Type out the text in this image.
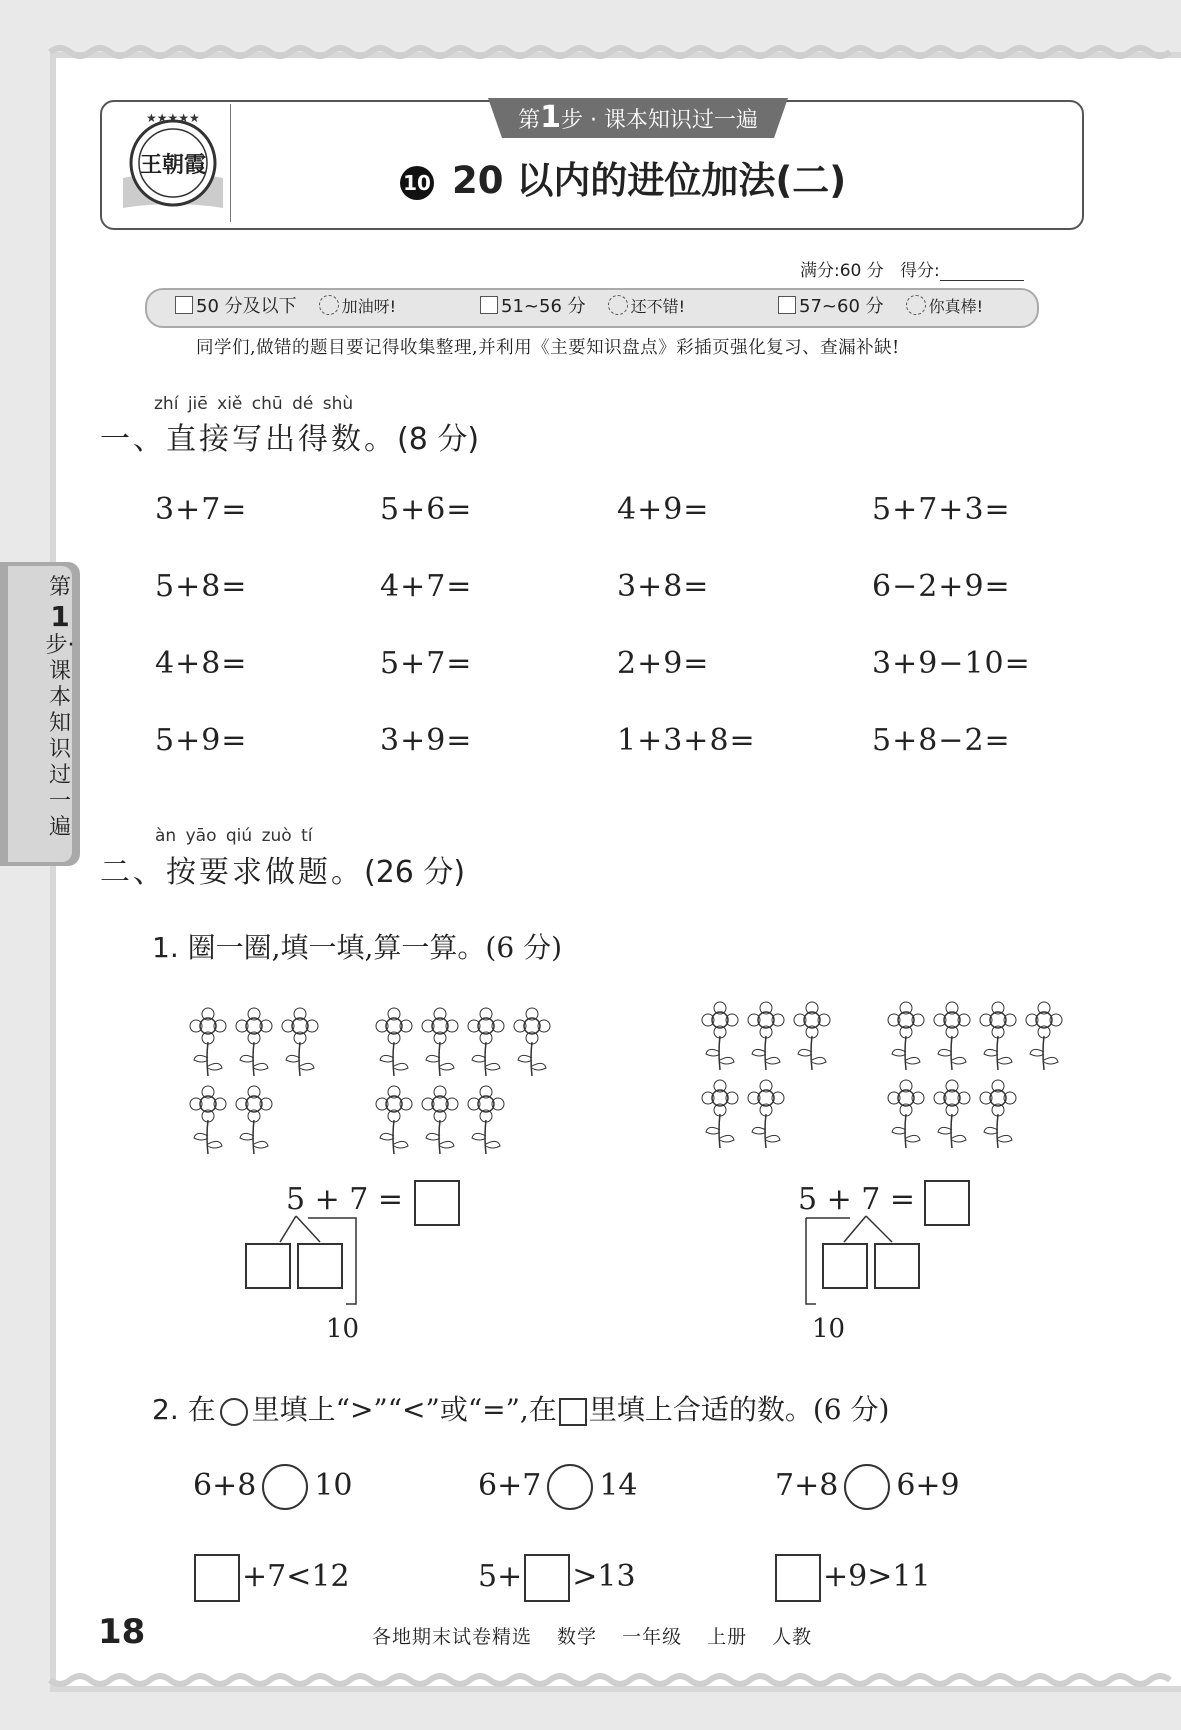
★★★★★
王朝霞
第1步 · 课本知识过一遍
10 20 以内的进位加法(二)
满分:60 分 得分:
50 分及以下	加油呀!	51~56 分	还不错!	57~60 分	你真棒!
同学们,做错的题目要记得收集整理,并利用《主要知识盘点》彩插页强化复习、查漏补缺!
第
1
步·课本知识过一遍
zhí jiē xiě chū dé shù
一、直接写出得数。(8 分)
3+7=	5+6=	4+9=	5+7+3=
5+8=	4+7=	3+8=	6−2+9=
4+8=	5+7=	2+9=	3+9−10=
5+9=	3+9=	1+3+8=	5+8−2=
àn yāo qiú zuò tí
二、按要求做题。(26 分)
1. 圈一圈,填一填,算一算。(6 分)
5 + 7 =
10
5 + 7 =
10
2. 在 里填上“>”“<”或“=”,在 里填上合适的数。(6 分)
6+8 10	6+7 14	7+8 6+9
+7<12	5+ >13	+9>11
18	各地期末试卷精选 数学 一年级 上册 人教
